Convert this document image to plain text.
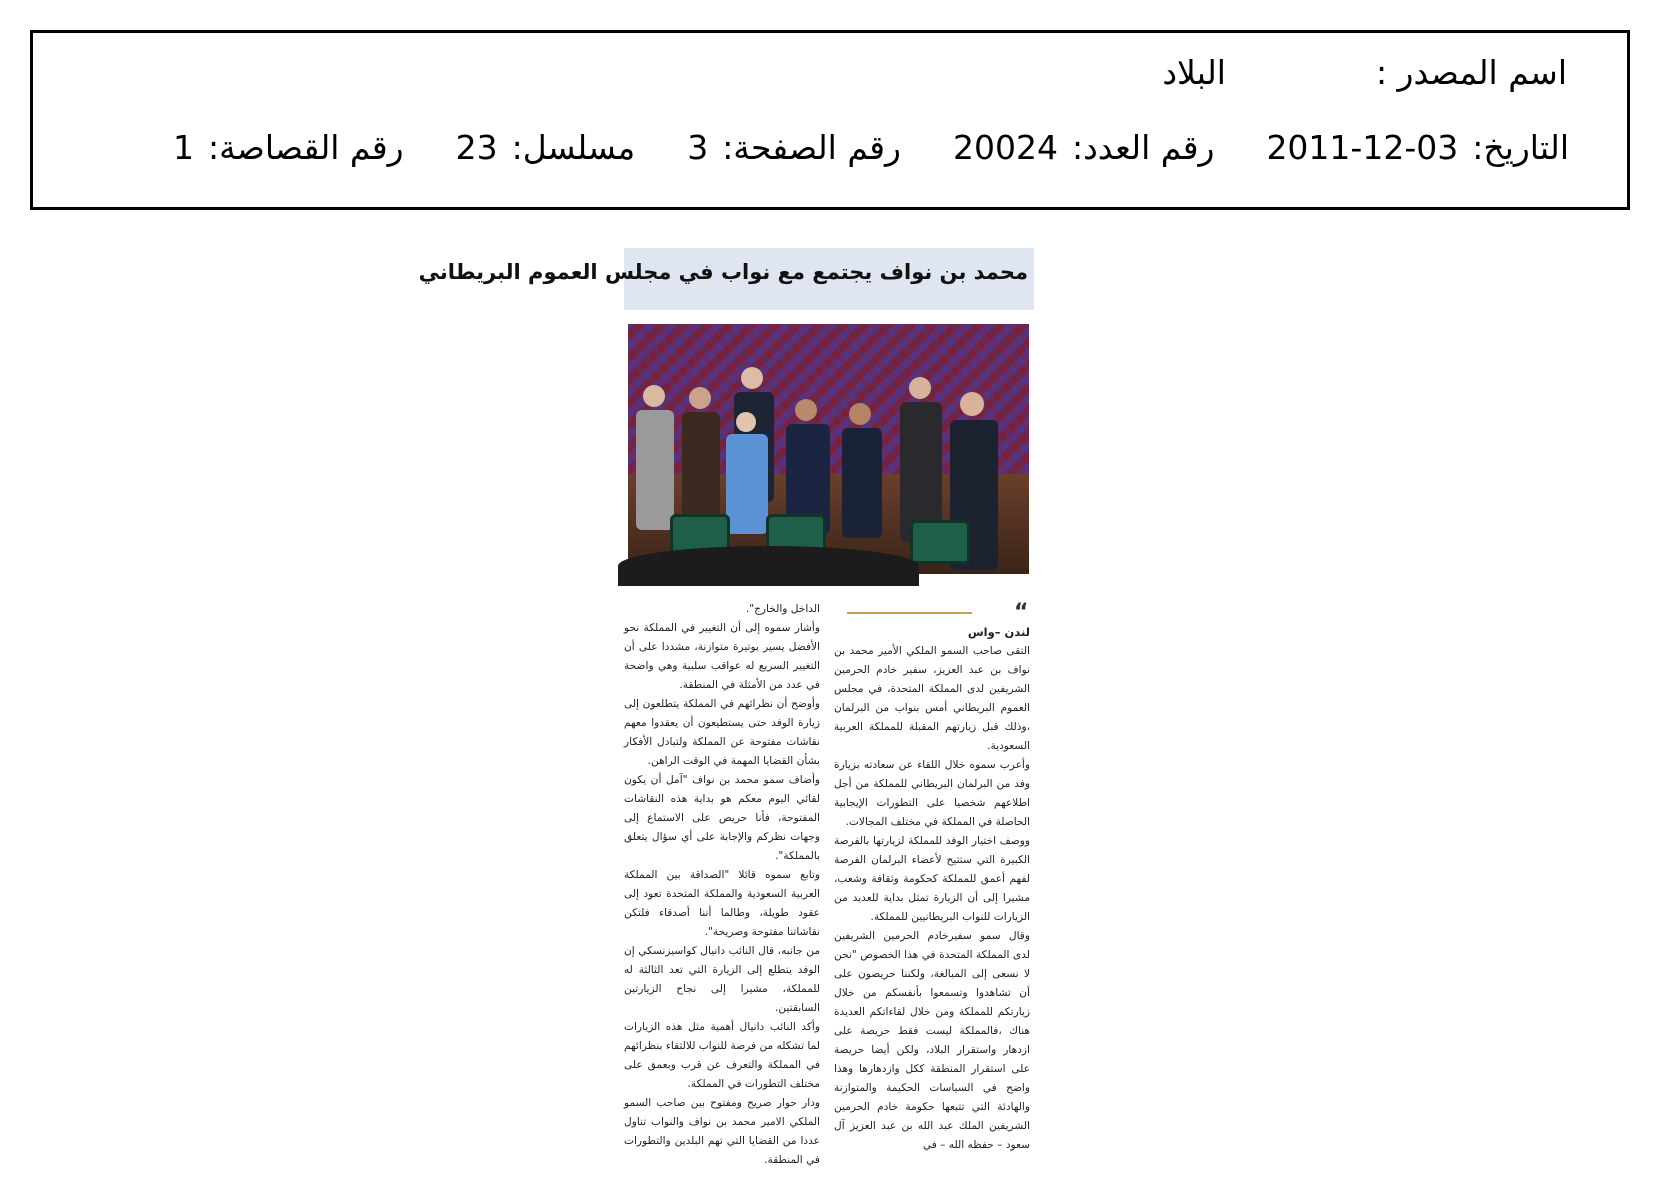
اسم المصدر :
البلاد
التاريخ:
2011-12-03
رقم العدد:
20024
رقم الصفحة:
3
مسلسل:
23
رقم القصاصة:
1
محمد بن نواف يجتمع مع نواب في مجلس العموم البريطاني
“
لندن –واس
التقى صاحب السمو الملكي الأمير محمد بن نواف بن عبد العزيز، سفير خادم الحرمين الشريفين لدى المملكة المتحدة، في مجلس العموم البريطاني أمس بنواب من البرلمان ،وذلك قبل زيارتهم المقبلة للمملكة العربية السعودية.
وأعرب سموه خلال اللقاء عن سعادته بزيارة وفد من البرلمان البريطاني للمملكة من أجل اطلاعهم شخصيا على التطورات الإيجابية الحاصلة في المملكة في مختلف المجالات.
ووصف اختيار الوفد للمملكة لزيارتها بالفرصة الكبيرة التي ستتيح لأعضاء البرلمان الفرصة لفهم أعمق للمملكة كحكومة وثقافة وشعب، مشيرا إلى أن الزيارة تمثل بداية للعديد من الزيارات للنواب البريطانيين للمملكة.
وقال سمو سفيرخادم الحرمين الشريفين لدى المملكة المتحدة في هذا الخصوص "نحن لا نسعى إلى المبالغة، ولكننا حريصون على أن تشاهدوا وتسمعوا بأنفسكم من خلال زيارتكم للمملكة ومن خلال لقاءاتكم العديدة هناك ،فالمملكة ليست فقط حريصة على ازدهار واستقرار البلاد، ولكن أيضا حريصة على استقرار المنطقة ككل وازدهارها وهذا واضح في السياسات الحكيمة والمتوازنة والهادئة التي تتبعها حكومة خادم الحرمين الشريفين الملك عبد الله بن عبد العزيز آل سعود – حفظه الله – في
الداخل والخارج".
وأشار سموه إلى أن التغيير في المملكة نحو الأفضل يسير بوتيرة متوازنة، مشددا على أن التغيير السريع له عواقب سلبية وهي واضحة في عدد من الأمثلة في المنطقة.
وأوضح أن نظرائهم في المملكة يتطلعون إلى زيارة الوفد حتى يستطيعون أن يعقدوا معهم نقاشات مفتوحة عن المملكة ولتبادل الأفكار بشأن القضايا المهمة في الوقت الراهن.
وأضاف سمو محمد بن نواف "آمل أن يكون لقائي اليوم معكم هو بداية هذه النقاشات المفتوحة، فأنا حريص على الاستماع إلى وجهات نظركم والإجابة على أي سؤال يتعلق بالمملكة".
وتابع سموه قائلا "الصداقة بين المملكة العربية السعودية والمملكة المتحدة تعود إلى عقود طويلة، وطالما أننا أصدقاء فلتكن نقاشاتنا مفتوحة وصريحة".
من جانبه، قال النائب دانيال كواسيزنسكي إن الوفد يتطلع إلى الزيارة التي تعد الثالثة له للمملكة، مشيرا إلى نجاح الزيارتين السابقتين.
وأكد النائب دانيال أهمية مثل هذه الزيارات لما تشكله من فرصة للنواب للالتقاء بنظرائهم في المملكة والتعرف عن قرب وبعمق على مختلف التطورات في المملكة.
ودار حوار صريح ومفتوح بين صاحب السمو الملكي الامير محمد بن نواف والنواب تناول عددا من القضايا التي تهم البلدين والتطورات في المنطقة.
